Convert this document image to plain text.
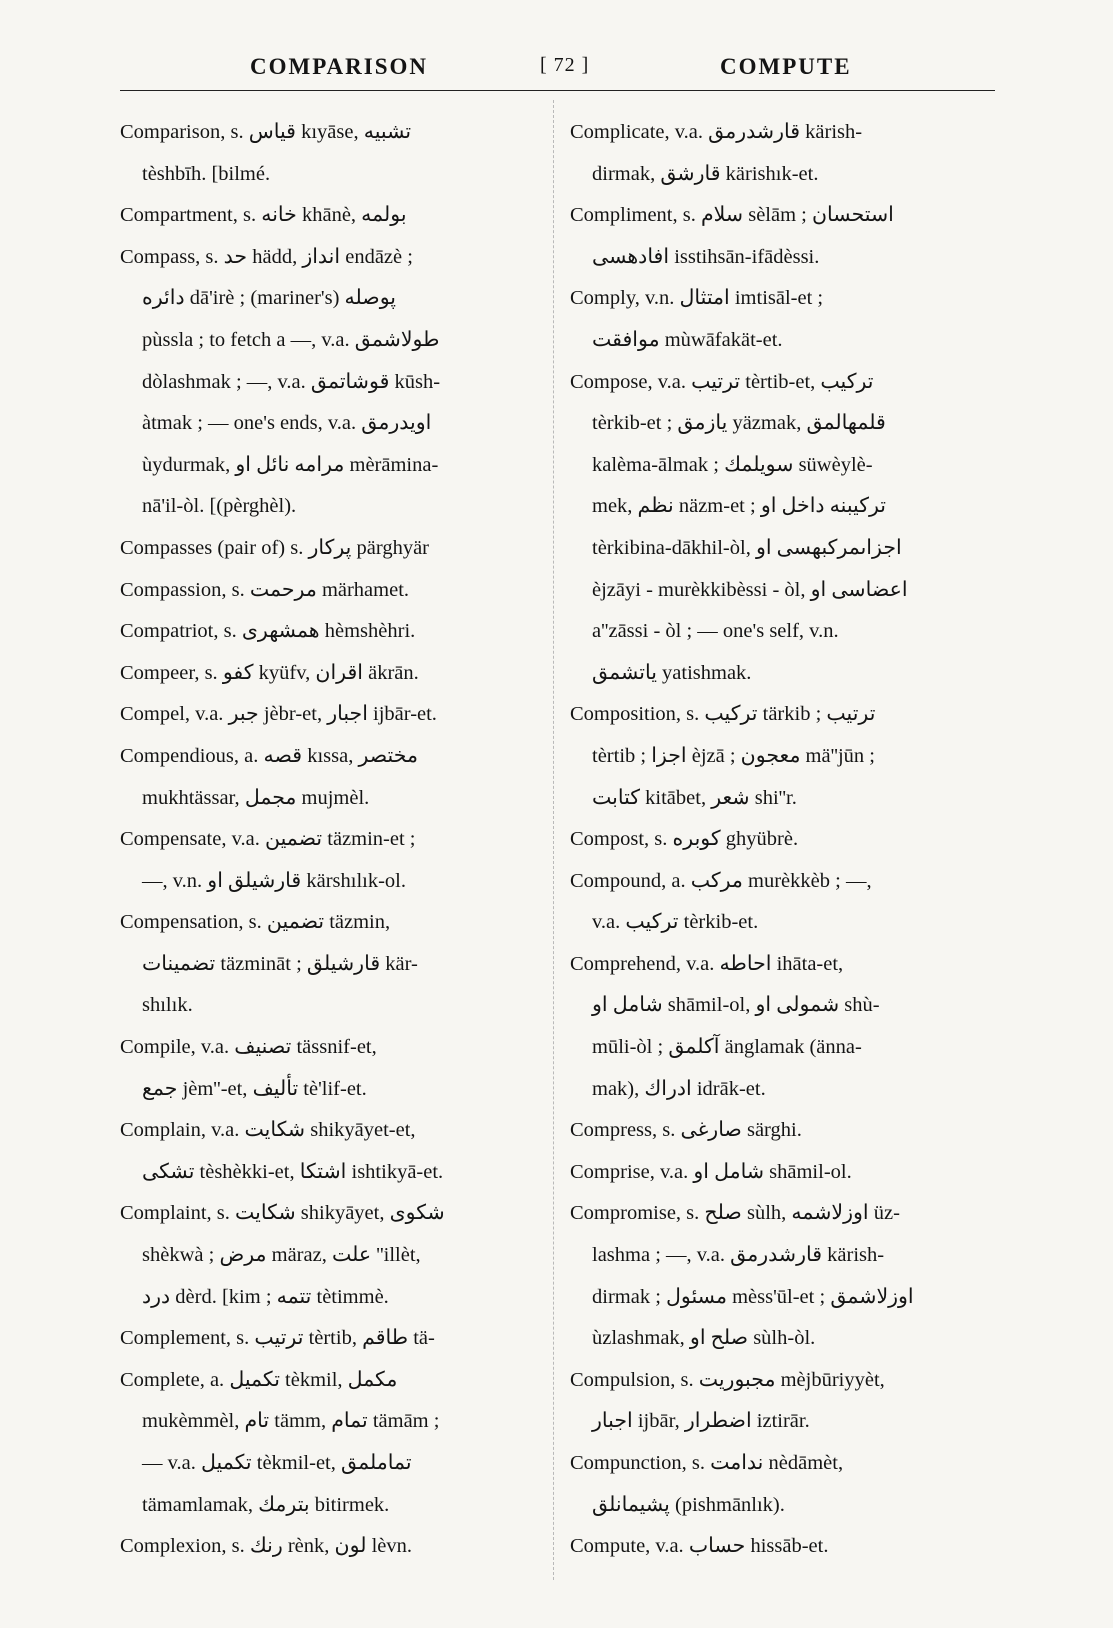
COMPARISON	[ 72 ]	COMPUTE
Comparison, s. قياس kıyāse, تشبيه
tèshbīh. [bilmé.
Compartment, s. خانه khānè, بولمه
Compass, s. حد hädd, انداز endāzè ;
دائره dā'irè ; (mariner's) پوصله
pùssla ; to fetch a —, v.a. طولاشمق
dòlashmak ; —, v.a. قوشاتمق kūsh-
àtmak ; — one's ends, v.a. اويدرمق
ùydurmak, مرامه نائل او mèrāmina-
nā'il-òl. [(pèrghèl).
Compasses (pair of) s. پركار pärghyär
Compassion, s. مرحمت märhamet.
Compatriot, s. همشهرى hèmshèhri.
Compeer, s. كفو kyüfv, اقران äkrān.
Compel, v.a. جبر jèbr-et, اجبار ijbār-et.
Compendious, a. قصه kıssa, مختصر
mukhtässar, مجمل mujmèl.
Compensate, v.a. تضمين täzmin-et ;
—, v.n. قارشيلق او kärshılık-ol.
Compensation, s. تضمين täzmin,
تضمينات täzmināt ; قارشيلق kär-
shılık.
Compile, v.a. تصنيف tässnif-et,
جمع jèm''-et, تأليف tè'lif-et.
Complain, v.a. شكايت shikyāyet-et,
تشكى tèshèkki-et, اشتكا ishtikyā-et.
Complaint, s. شكايت shikyāyet, شكوى
shèkwà ; مرض märaz, علت ''illèt,
درد dèrd. [kim ; تتمه tètimmè.
Complement, s. ترتيب tèrtib, طاقم tä-
Complete, a. تكميل tèkmil, مكمل
mukèmmèl, تام tämm, تمام tämām ;
— v.a. تكميل tèkmil-et, تماملمق
tämamlamak, بترمك bitirmek.
Complexion, s. رنك rènk, لون lèvn.
Complicate, v.a. قارشدرمق kärish-
dirmak, قارشق kärishık-et.
Compliment, s. سلام sèlām ; استحسان
افادهسى isstihsān-ifādèssi.
Comply, v.n. امتثال imtisāl-et ;
موافقت mùwāfakät-et.
Compose, v.a. ترتيب tèrtib-et, تركيب
tèrkib-et ; يازمق yäzmak, قلمهالمق
kalèma-ālmak ; سويلمك süwèylè-
mek, نظم näzm-et ; تركيبنه داخل او
tèrkibina-dākhil-òl, اجزاىمركبهسى او
èjzāyi - murèkkibèssi - òl, اعضاسى او
a''zāssi - òl ; — one's self, v.n.
ياتشمق yatishmak.
Composition, s. تركيب tärkib ; ترتيب
tèrtib ; اجزا èjzā ; معجون mä''jūn ;
كتابت kitābet, شعر shi''r.
Compost, s. كوبره ghyübrè.
Compound, a. مركب murèkkèb ; —,
v.a. تركيب tèrkib-et.
Comprehend, v.a. احاطه ihāta-et,
شامل او shāmil-ol, شمولى او shù-
mūli-òl ; آكلمق änglamak (änna-
mak), ادراك idrāk-et.
Compress, s. صارغى särghi.
Comprise, v.a. شامل او shāmil-ol.
Compromise, s. صلح sùlh, اوزلاشمه üz-
lashma ; —, v.a. قارشدرمق kärish-
dirmak ; مسئول mèss'ūl-et ; اوزلاشمق
ùzlashmak, صلح او sùlh-òl.
Compulsion, s. مجبوريت mèjbūriyyèt,
اجبار ijbār, اضطرار iztirār.
Compunction, s. ندامت nèdāmèt,
پشيمانلق (pishmānlık).
Compute, v.a. حساب hissāb-et.
